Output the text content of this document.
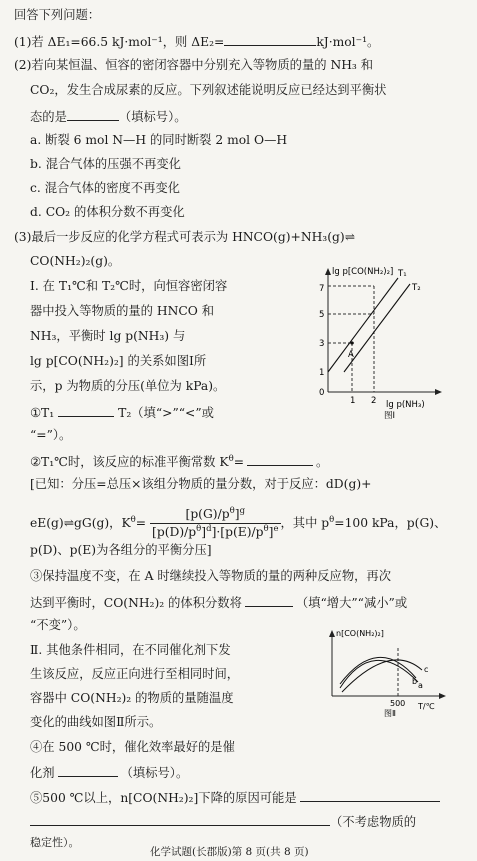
回答下列问题：
(1)若 ΔE₁=66.5 kJ·mol⁻¹，则 ΔE₂=	kJ·mol⁻¹。
(2)若向某恒温、恒容的密闭容器中分别充入等物质的量的 NH₃ 和
CO₂，发生合成尿素的反应。下列叙述能说明反应已经达到平衡状
态的是	（填标号）。
a. 断裂 6 mol N—H 的同时断裂 2 mol O—H
b. 混合气体的压强不再变化
c. 混合气体的密度不再变化
d. CO₂ 的体积分数不再变化
(3)最后一步反应的化学方程式可表示为 HNCO(g)+NH₃(g)⇌
CO(NH₂)₂(g)。
Ⅰ. 在 T₁℃和 T₂℃时，向恒容密闭容
器中投入等物质的量的 HNCO 和
NH₃，平衡时 lg p(NH₃) 与
lg p[CO(NH₂)₂] 的关系如图Ⅰ所
示，p 为物质的分压(单位为 kPa)。
①T₁	T₂（填“>”“<”或
“=”）。
lg p[CO(NH₂)₂]
lg p(NH₃)
0
1
3
5
7
1 2
T₁
T₂
A
图Ⅰ
②T₁℃时，该反应的标准平衡常数 $K^\theta=$	。
[已知：分压=总压×该组分物质的量分数，对于反应：dD(g)+
eE(g)⇌gG(g)，$K^\theta= \frac{[p(G)/p^\theta]^g}{[p(D)/p^\theta]^d]\cdot[p(E)/p^\theta]^e}$ ，其中 $p^\theta=100$ kPa，p(G)、
p(D)、p(E)为各组分的平衡分压]
③保持温度不变，在 A 时继续投入等物质的量的两种反应物，再次
达到平衡时，CO(NH₂)₂ 的体积分数将	（填“增大”“减小”或
“不变”）。
Ⅱ. 其他条件相同，在不同催化剂下发
生该反应，反应正向进行至相同时间，
容器中 CO(NH₂)₂ 的物质的量随温度
变化的曲线如图Ⅱ所示。
④在 500 ℃时，催化效率最好的是催
化剂	（填标号）。
n[CO(NH₂)₂]
T/℃
500
a
b
c
图Ⅱ
⑤500 ℃以上，n[CO(NH₂)₂]下降的原因可能是
（不考虑物质的
稳定性）。
化学试题(长郡版)第 8 页(共 8 页)
